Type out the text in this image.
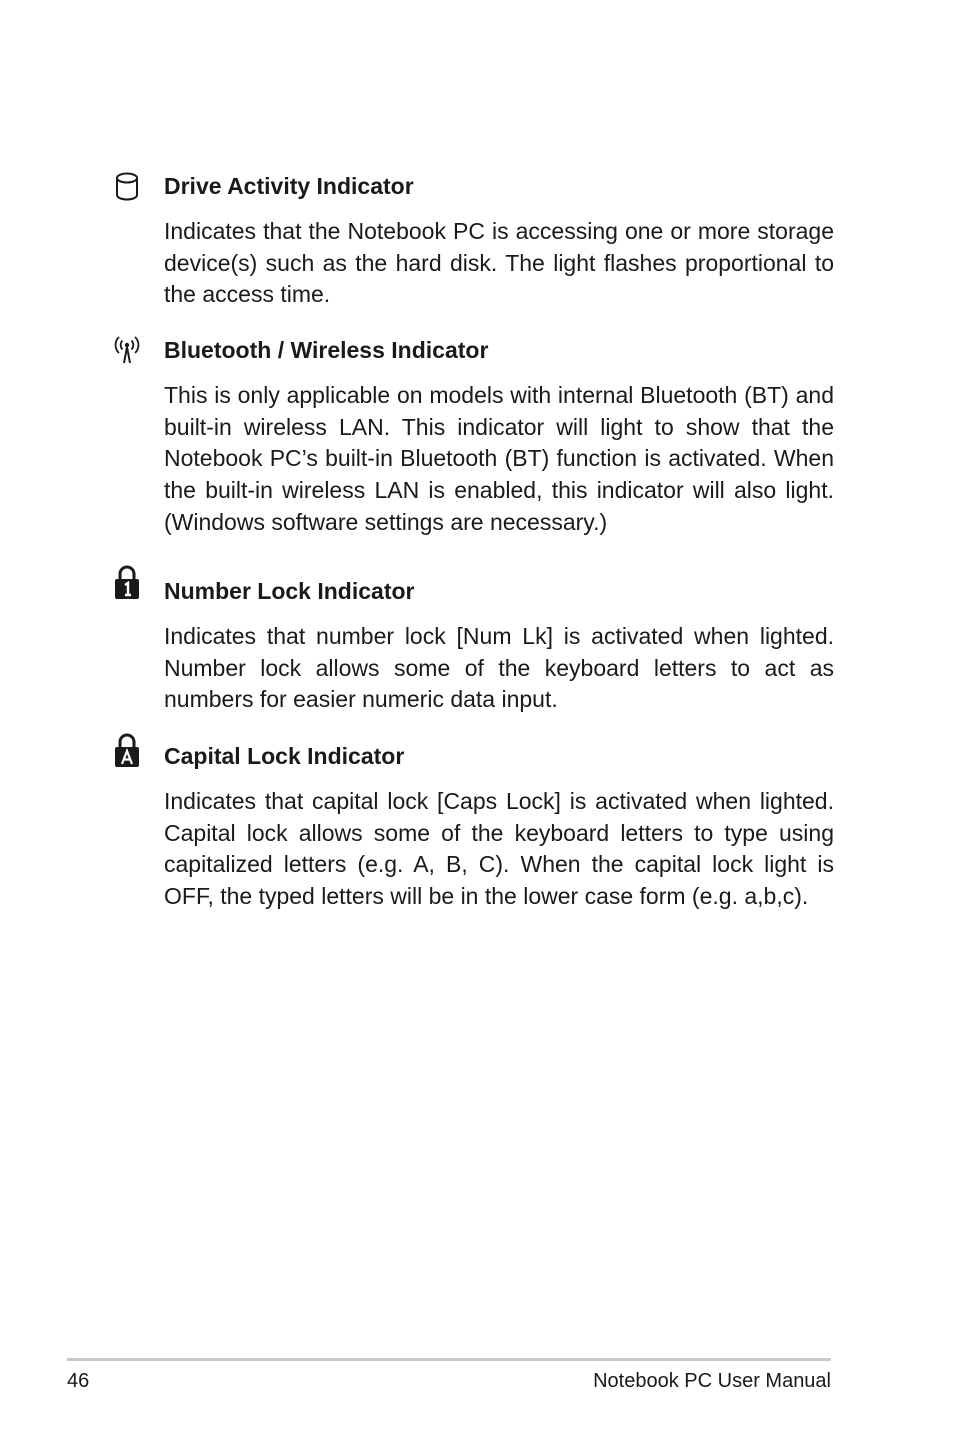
Drive Activity Indicator

Indicates that the Notebook PC is accessing one or more storage device(s) such as the hard disk. The light flashes proportional to the access time.

Bluetooth / Wireless Indicator

This is only applicable on models with internal Bluetooth (BT) and built-in wireless LAN. This indicator will light to show that the Notebook PC’s built-in Bluetooth (BT) function is activated. When the built-in wireless LAN is enabled, this indicator will also light. (Windows software settings are necessary.)

Number Lock Indicator

Indicates that number lock [Num Lk] is activated when lighted. Number lock allows some of the keyboard letters to act as numbers for easier numeric data input.

Capital Lock Indicator

Indicates that capital lock [Caps Lock] is activated when lighted. Capital lock allows some of the keyboard letters to type using capitalized letters (e.g. A, B, C). When the capital lock light is OFF, the typed letters will be in the lower case form (e.g. a,b,c).

46	Notebook PC User Manual
